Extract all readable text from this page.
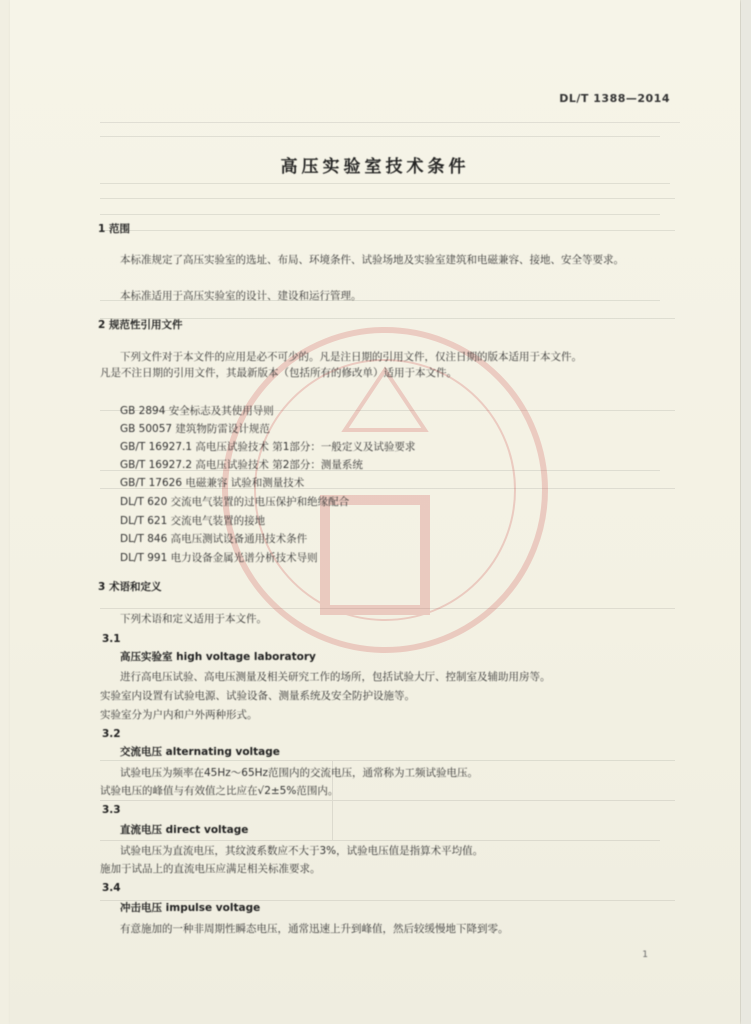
DL/T 1388—2014
高压实验室技术条件
1 范围
本标准规定了高压实验室的选址、布局、环境条件、试验场地及实验室建筑和电磁兼容、接地、安全等要求。
本标准适用于高压实验室的设计、建设和运行管理。
2 规范性引用文件
下列文件对于本文件的应用是必不可少的。凡是注日期的引用文件，仅注日期的版本适用于本文件。
凡是不注日期的引用文件，其最新版本（包括所有的修改单）适用于本文件。
GB 2894 安全标志及其使用导则
GB 50057 建筑物防雷设计规范
GB/T 16927.1 高电压试验技术 第1部分：一般定义及试验要求
GB/T 16927.2 高电压试验技术 第2部分：测量系统
GB/T 17626 电磁兼容 试验和测量技术
DL/T 620 交流电气装置的过电压保护和绝缘配合
DL/T 621 交流电气装置的接地
DL/T 846 高电压测试设备通用技术条件
DL/T 991 电力设备金属光谱分析技术导则
3 术语和定义
下列术语和定义适用于本文件。
3.1
高压实验室 high voltage laboratory
进行高电压试验、高电压测量及相关研究工作的场所，包括试验大厅、控制室及辅助用房等。
实验室内设置有试验电源、试验设备、测量系统及安全防护设施等。
实验室分为户内和户外两种形式。
3.2
交流电压 alternating voltage
试验电压为频率在45Hz～65Hz范围内的交流电压，通常称为工频试验电压。
试验电压的峰值与有效值之比应在√2±5%范围内。
3.3
直流电压 direct voltage
试验电压为直流电压，其纹波系数应不大于3%，试验电压值是指算术平均值。
施加于试品上的直流电压应满足相关标准要求。
3.4
冲击电压 impulse voltage
有意施加的一种非周期性瞬态电压，通常迅速上升到峰值，然后较缓慢地下降到零。
1
